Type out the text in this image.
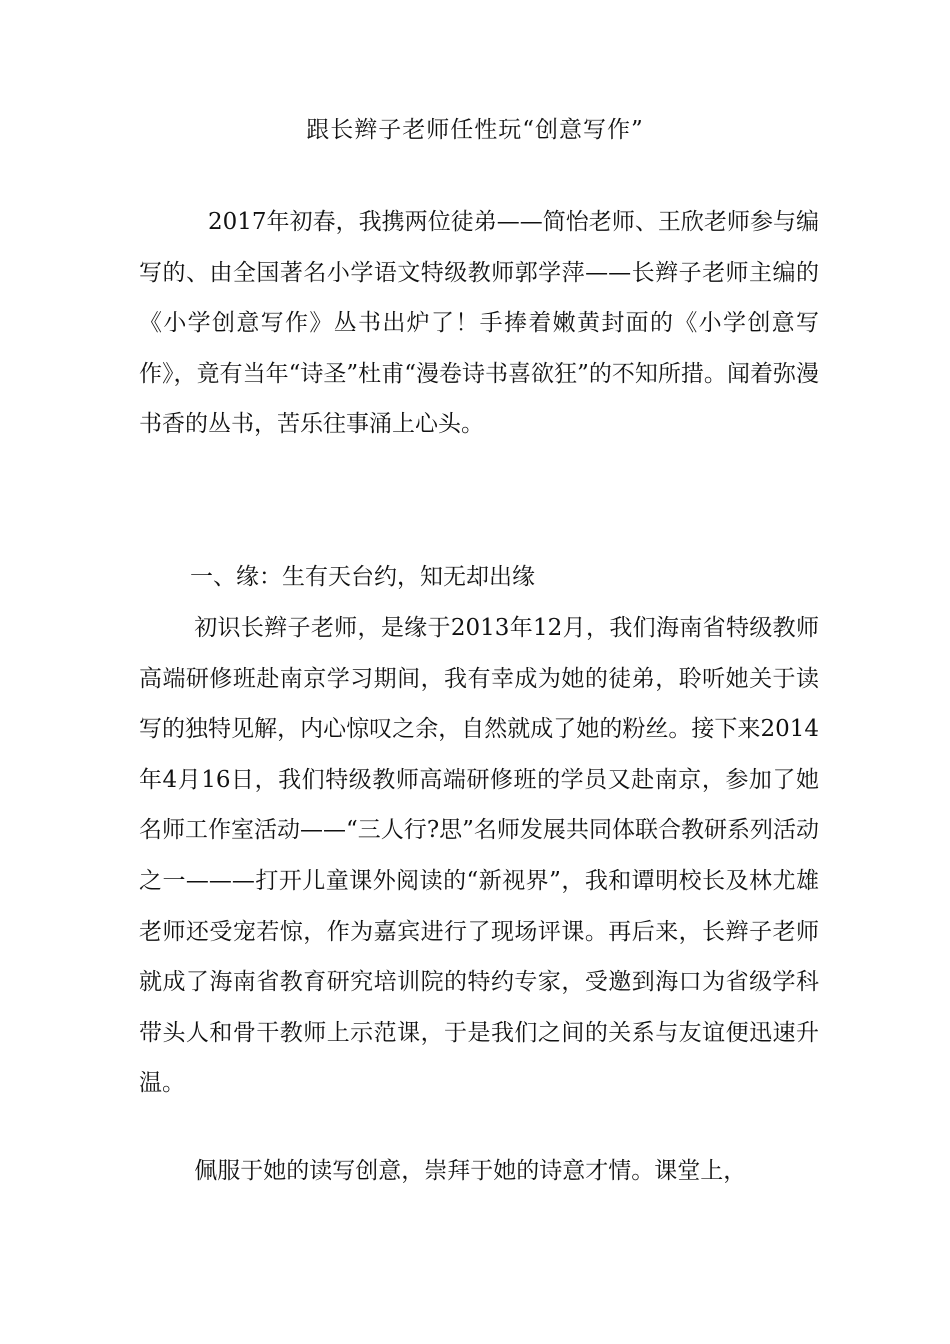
跟长辫子老师任性玩“创意写作”

2017年初春，我携两位徒弟——简怡老师、王欣老师参与编写的、由全国著名小学语文特级教师郭学萍——长辫子老师主编的《小学创意写作》丛书出炉了！手捧着嫩黄封面的《小学创意写作》，竟有当年“诗圣”杜甫“漫卷诗书喜欲狂”的不知所措。闻着弥漫书香的丛书，苦乐往事涌上心头。

一、缘：生有天台约，知无却出缘

初识长辫子老师，是缘于2013年12月，我们海南省特级教师高端研修班赴南京学习期间，我有幸成为她的徒弟，聆听她关于读写的独特见解，内心惊叹之余，自然就成了她的粉丝。接下来2014年4月16日，我们特级教师高端研修班的学员又赴南京，参加了她名师工作室活动——“三人行?思”名师发展共同体联合教研系列活动之一———打开儿童课外阅读的“新视界”，我和谭明校长及林尤雄老师还受宠若惊，作为嘉宾进行了现场评课。再后来，长辫子老师就成了海南省教育研究培训院的特约专家，受邀到海口为省级学科带头人和骨干教师上示范课，于是我们之间的关系与友谊便迅速升温。

佩服于她的读写创意，崇拜于她的诗意才情。课堂上，
